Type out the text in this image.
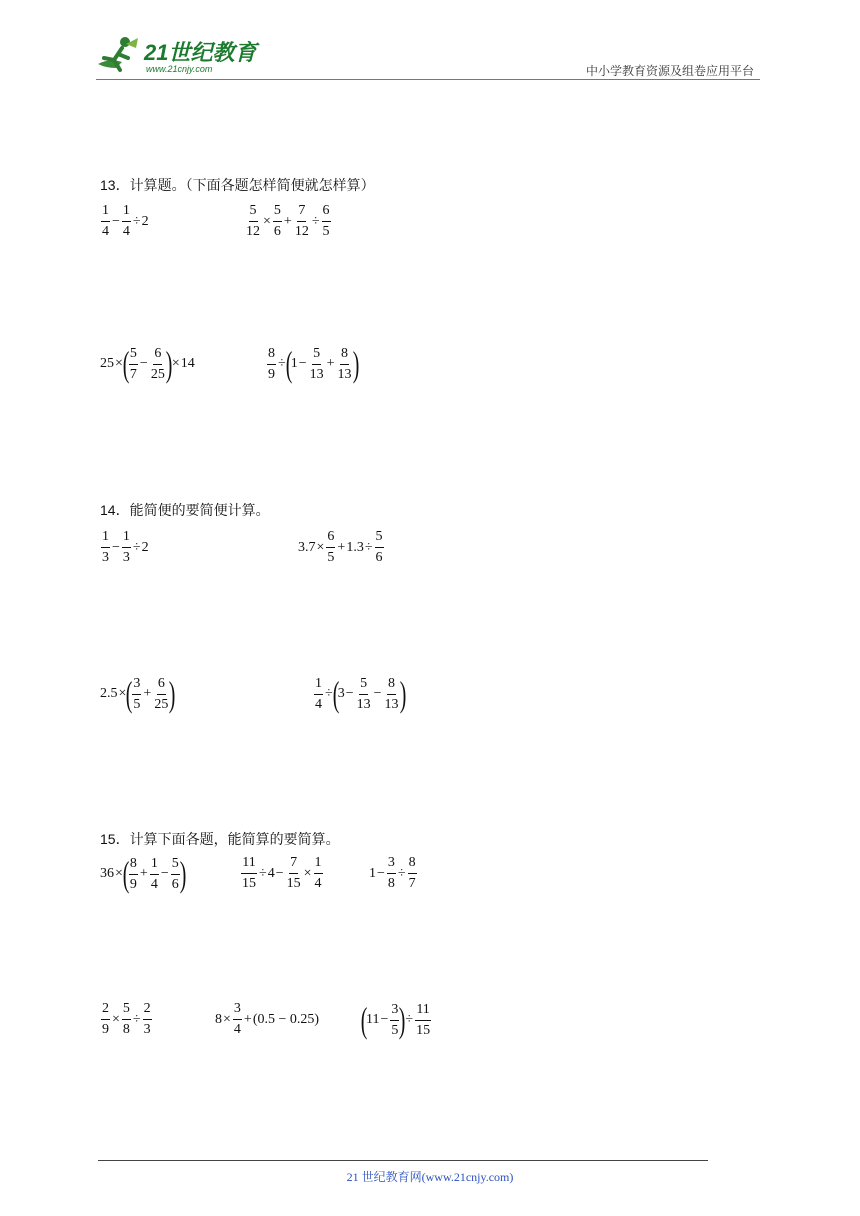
21世纪教育
www.21cnjy.com	中小学教育资源及组卷应用平台
13．计算题。（下面各题怎样简便就怎样算）
$\frac{1}{4} - \frac{1}{4} \div 2$	$\frac{5}{12} \times \frac{5}{6} + \frac{7}{12} \div \frac{6}{5}$
25 × ( $\frac{5}{7} - \frac{6}{25}$ ) × 14	$\frac{8}{9}$ ÷ (
$1 - \frac{5}{13} + \frac{8}{13}$ )
14．能简便的要简便计算。
$\frac{1}{3} - \frac{1}{3} \div 2$	$3.7 \times \frac{6}{5} + 1.3 \div \frac{5}{6}$
2.5 × ( $\frac{3}{5} + \frac{6}{25}$ )	$\frac{1}{4}$ ÷ (
$3 - \frac{5}{13} - \frac{8}{13}$ )
15．计算下面各题，能简算的要简算。
36 × ( $\frac{8}{9} + \frac{1}{4} - \frac{5}{6}$ )	$\frac{11}{15} \div 4 - \frac{7}{15} \times \frac{1}{4}$	$1 - \frac{3}{8} \div \frac{8}{7}$
$\frac{2}{9} \times \frac{5}{8} \div \frac{2}{3}$	$8 \times \frac{3}{4} + (0.5 - 0.25)$ (
$11 - \frac{3}{5}$ ) ÷ $\frac{11}{15}$
21 世纪教育网(www.21cnjy.com)
